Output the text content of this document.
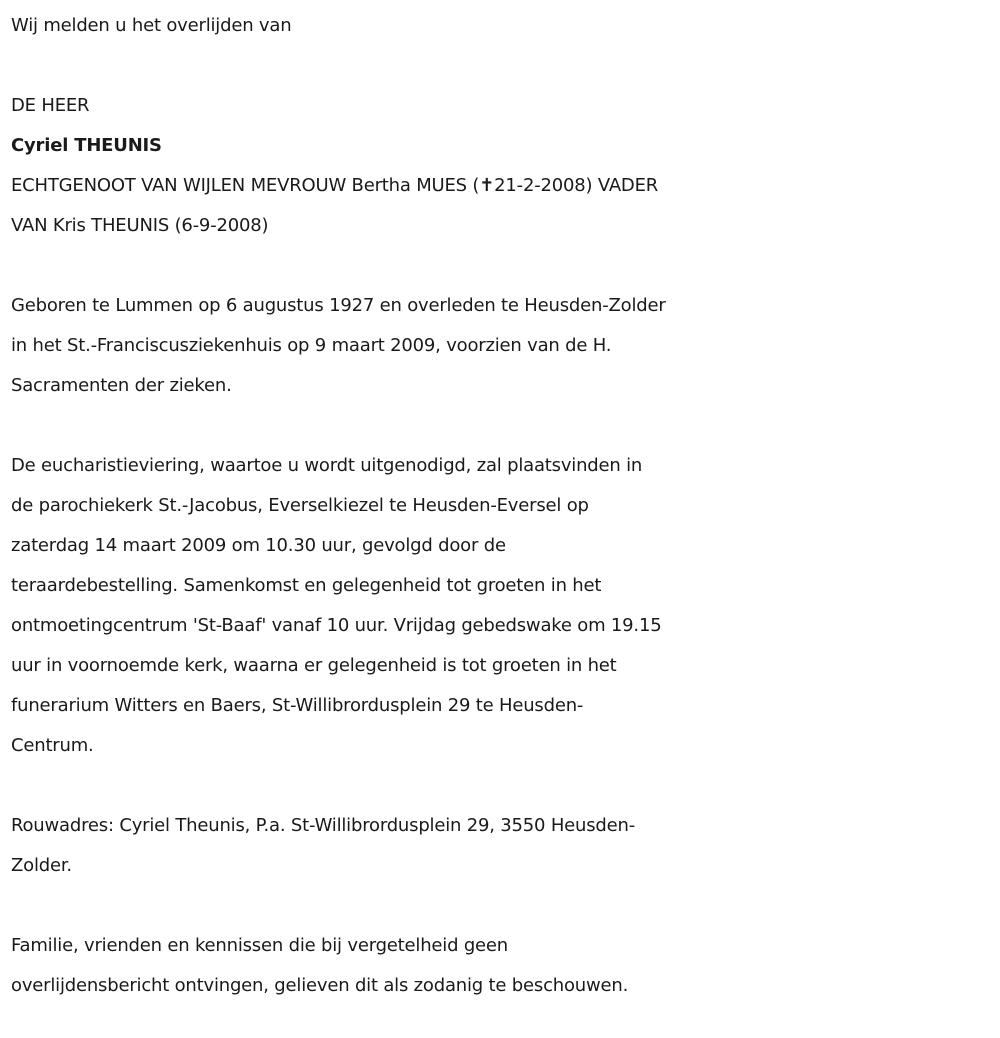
Wij melden u het overlijden van
DE HEER
Cyriel THEUNIS
ECHTGENOOT VAN WIJLEN MEVROUW Bertha MUES (✝21-2-2008) VADER
VAN Kris THEUNIS (6-9-2008)
Geboren te Lummen op 6 augustus 1927 en overleden te Heusden-Zolder
in het St.-Franciscusziekenhuis op 9 maart 2009, voorzien van de H.
Sacramenten der zieken.
De eucharistieviering, waartoe u wordt uitgenodigd, zal plaatsvinden in
de parochiekerk St.-Jacobus, Everselkiezel te Heusden-Eversel op
zaterdag 14 maart 2009 om 10.30 uur, gevolgd door de
teraardebestelling. Samenkomst en gelegenheid tot groeten in het
ontmoetingcentrum 'St-Baaf' vanaf 10 uur. Vrijdag gebedswake om 19.15
uur in voornoemde kerk, waarna er gelegenheid is tot groeten in het
funerarium Witters en Baers, St-Willibrordusplein 29 te Heusden-
Centrum.
Rouwadres: Cyriel Theunis, P.a. St-Willibrordusplein 29, 3550 Heusden-
Zolder.
Familie, vrienden en kennissen die bij vergetelheid geen
overlijdensbericht ontvingen, gelieven dit als zodanig te beschouwen.
